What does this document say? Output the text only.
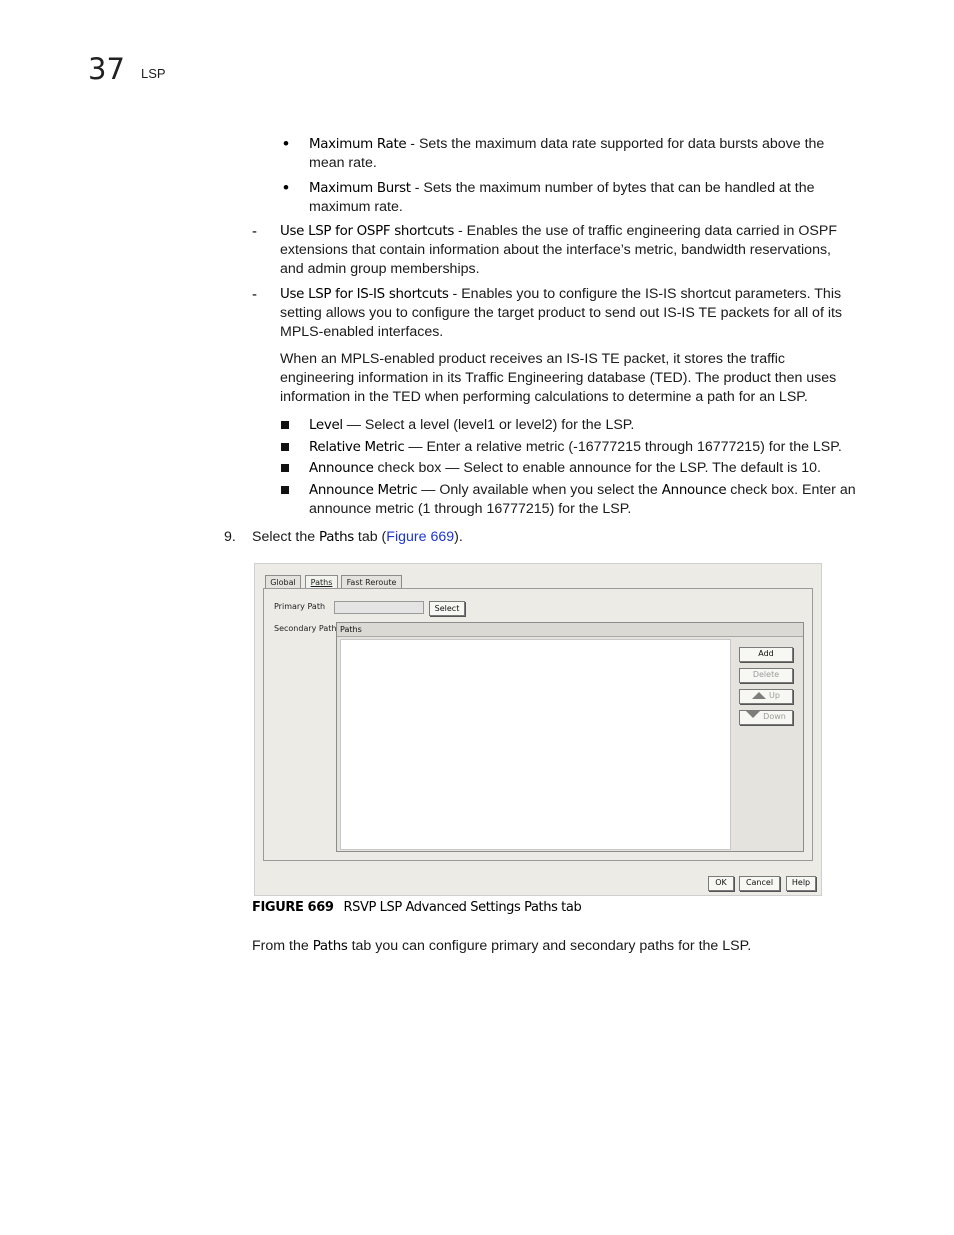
37 LSP
• Maximum Rate - Sets the maximum data rate supported for data bursts above the
mean rate.
• Maximum Burst - Sets the maximum number of bytes that can be handled at the
maximum rate.
- Use LSP for OSPF shortcuts - Enables the use of traffic engineering data carried in OSPF
extensions that contain information about the interface’s metric, bandwidth reservations,
and admin group memberships.
- Use LSP for IS-IS shortcuts - Enables you to configure the IS-IS shortcut parameters. This
setting allows you to configure the target product to send out IS-IS TE packets for all of its
MPLS-enabled interfaces.
When an MPLS-enabled product receives an IS-IS TE packet, it stores the traffic
engineering information in its Traffic Engineering database (TED). The product then uses
information in the TED when performing calculations to determine a path for an LSP.
Level — Select a level (level1 or level2) for the LSP.
Relative Metric — Enter a relative metric (-16777215 through 16777215) for the LSP.
Announce check box — Select to enable announce for the LSP. The default is 10.
Announce Metric — Only available when you select the Announce check box. Enter an
announce metric (1 through 16777215) for the LSP.
9. Select the Paths tab (Figure 669).
Global	Paths	Fast Reroute
Primary Path	Select
Secondary Path Paths
Add
Delete
Up
Down
OK	Cancel	Help
FIGURE 669 RSVP LSP Advanced Settings Paths tab
From the Paths tab you can configure primary and secondary paths for the LSP.
